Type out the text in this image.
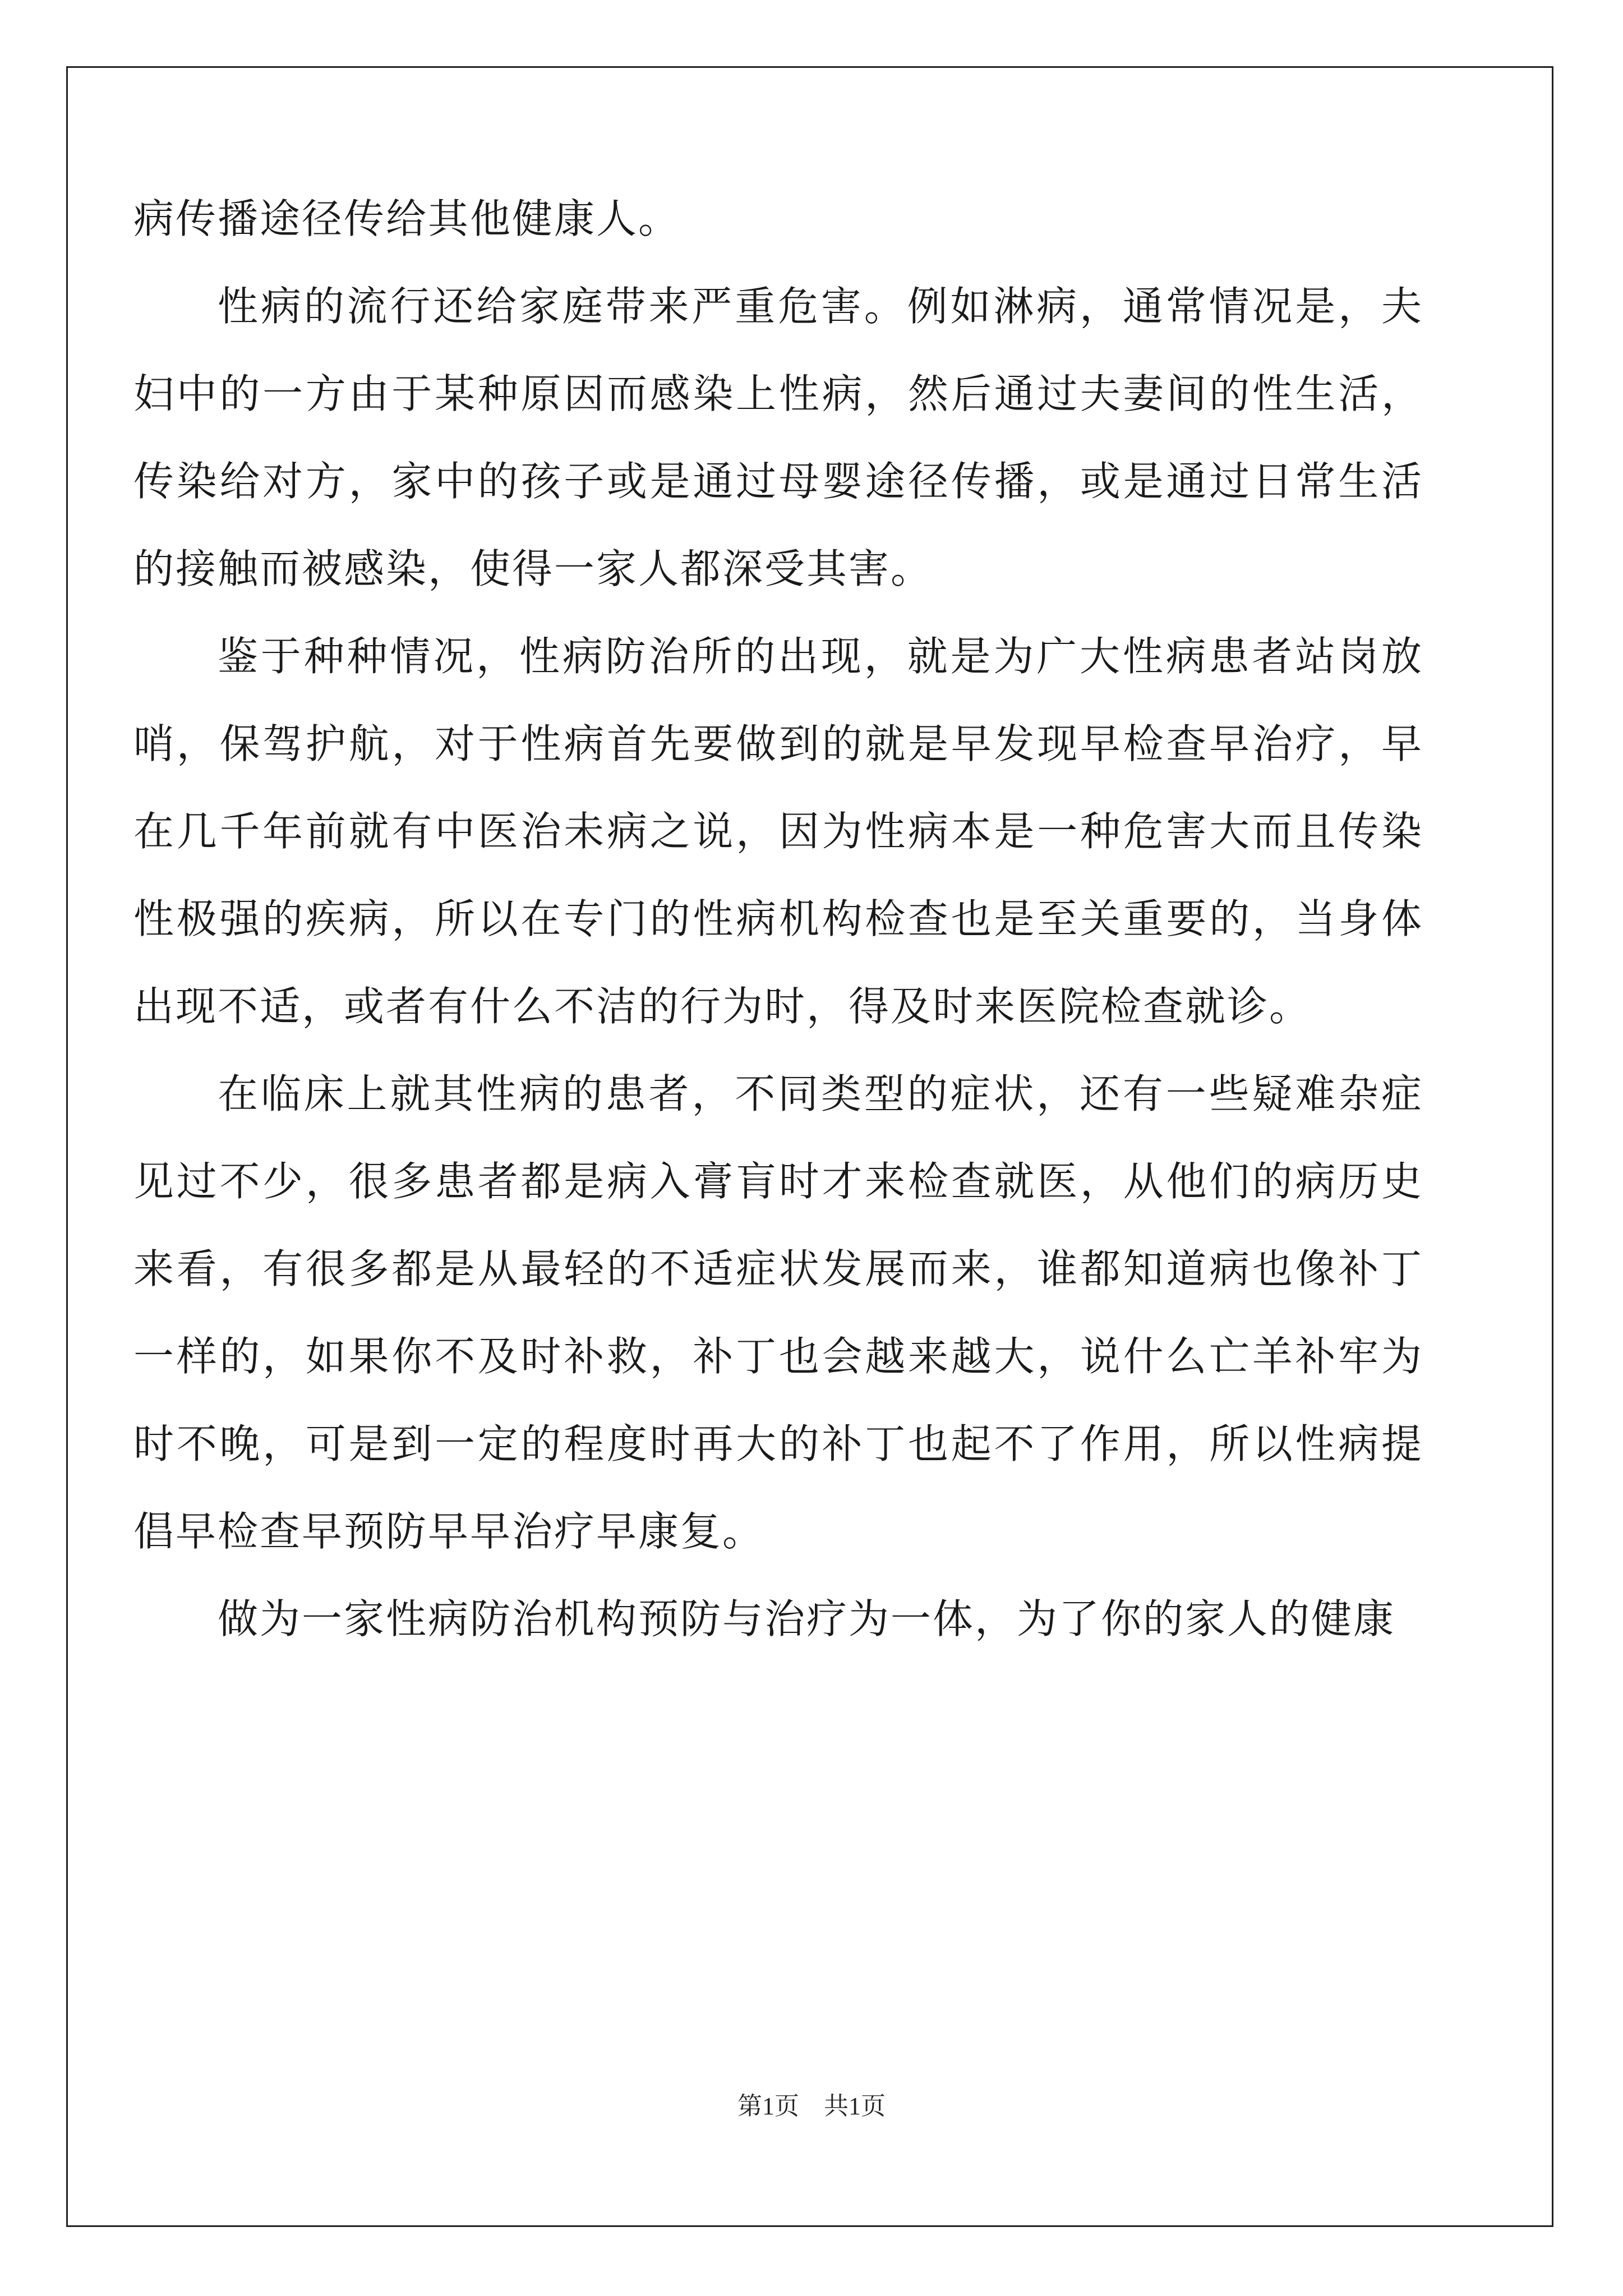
病传播途径传给其他健康人。

性病的流行还给家庭带来严重危害。例如淋病，通常情况是，夫妇中的一方由于某种原因而感染上性病，然后通过夫妻间的性生活，传染给对方，家中的孩子或是通过母婴途径传播，或是通过日常生活的接触而被感染，使得一家人都深受其害。

鉴于种种情况，性病防治所的出现，就是为广大性病患者站岗放哨，保驾护航，对于性病首先要做到的就是早发现早检查早治疗，早在几千年前就有中医治未病之说，因为性病本是一种危害大而且传染性极强的疾病，所以在专门的性病机构检查也是至关重要的，当身体出现不适，或者有什么不洁的行为时，得及时来医院检查就诊。

在临床上就其性病的患者，不同类型的症状，还有一些疑难杂症见过不少，很多患者都是病入膏肓时才来检查就医，从他们的病历史来看，有很多都是从最轻的不适症状发展而来，谁都知道病也像补丁一样的，如果你不及时补救，补丁也会越来越大，说什么亡羊补牢为时不晚，可是到一定的程度时再大的补丁也起不了作用，所以性病提倡早检查早预防早早治疗早康复。

做为一家性病防治机构预防与治疗为一体，为了你的家人的健康

第1页 共1页
